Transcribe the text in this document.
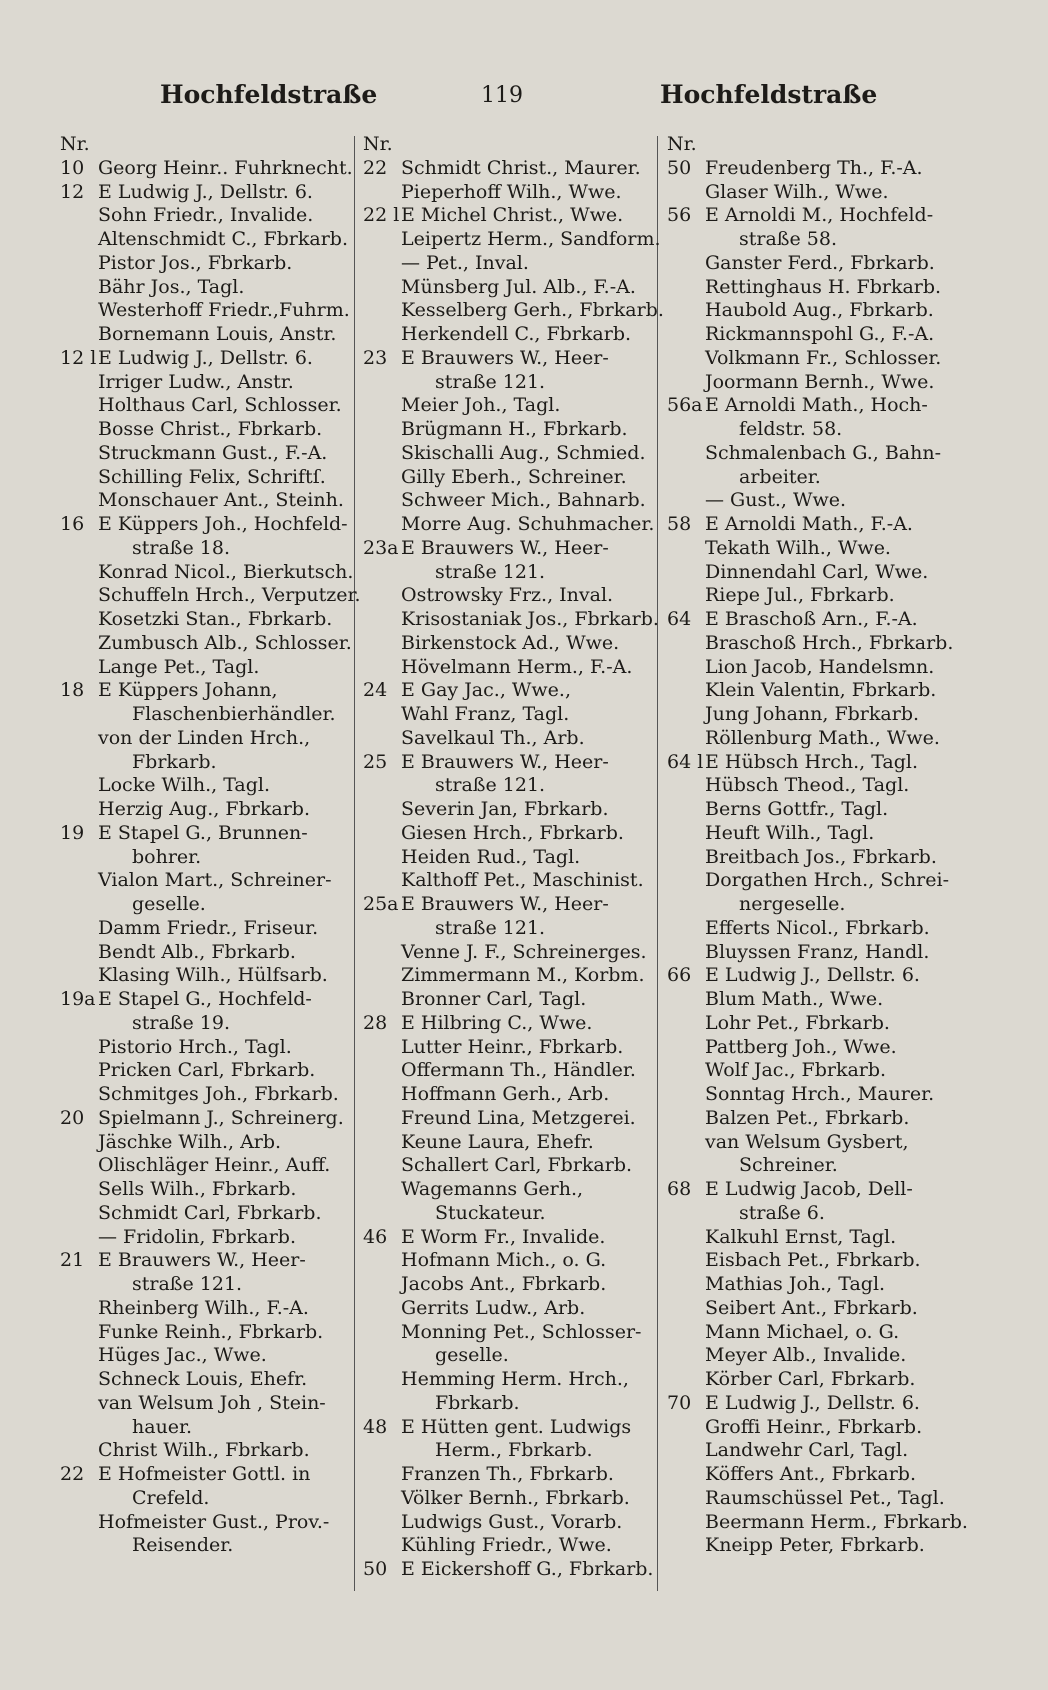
Hochfeldstraße	119	Hochfeldstraße
Nr.
10 Georg Heinr.. Fuhrknecht.
12 E Ludwig J., Dellstr. 6.
Sohn Friedr., Invalide.
Altenschmidt C., Fbrkarb.
Pistor Jos., Fbrkarb.
Bähr Jos., Tagl.
Westerhoff Friedr.,Fuhrm.
Bornemann Louis, Anstr.
12 lE Ludwig J., Dellstr. 6.
Irriger Ludw., Anstr.
Holthaus Carl, Schlosser.
Bosse Christ., Fbrkarb.
Struckmann Gust., F.-A.
Schilling Felix, Schriftſ.
Monschauer Ant., Steinh.
16 E Küppers Joh., Hochfeld-
straße 18.
Konrad Nicol., Bierkutsch.
Schuffeln Hrch., Verputzer.
Kosetzki Stan., Fbrkarb.
Zumbusch Alb., Schlosser.
Lange Pet., Tagl.
18 E Küppers Johann,
Flaschenbierhändler.
von der Linden Hrch.,
Fbrkarb.
Locke Wilh., Tagl.
Herzig Aug., Fbrkarb.
19 E Stapel G., Brunnen-
bohrer.
Vialon Mart., Schreiner-
geselle.
Damm Friedr., Friseur.
Bendt Alb., Fbrkarb.
Klasing Wilh., Hülfsarb.
19a E Stapel G., Hochfeld-
straße 19.
Pistorio Hrch., Tagl.
Pricken Carl, Fbrkarb.
Schmitges Joh., Fbrkarb.
20 Spielmann J., Schreinerg.
Jäschke Wilh., Arb.
Olischläger Heinr., Auff.
Sells Wilh., Fbrkarb.
Schmidt Carl, Fbrkarb.
— Fridolin, Fbrkarb.
21 E Brauwers W., Heer-
straße 121.
Rheinberg Wilh., F.-A.
Funke Reinh., Fbrkarb.
Hüges Jac., Wwe.
Schneck Louis, Ehefr.
van Welsum Joh , Stein-
hauer.
Christ Wilh., Fbrkarb.
22 E Hofmeister Gottl. in
Crefeld.
Hofmeister Gust., Prov.-
Reisender.
Nr.
22 Schmidt Christ., Maurer.
Pieperhoff Wilh., Wwe.
22 lE Michel Christ., Wwe.
Leipertz Herm., Sandform.
— Pet., Inval.
Münsberg Jul. Alb., F.-A.
Kesselberg Gerh., Fbrkarb.
Herkendell C., Fbrkarb.
23 E Brauwers W., Heer-
straße 121.
Meier Joh., Tagl.
Brügmann H., Fbrkarb.
Skischalli Aug., Schmied.
Gilly Eberh., Schreiner.
Schweer Mich., Bahnarb.
Morre Aug. Schuhmacher.
23a E Brauwers W., Heer-
straße 121.
Ostrowsky Frz., Inval.
Krisostaniak Jos., Fbrkarb.
Birkenstock Ad., Wwe.
Hövelmann Herm., F.-A.
24 E Gay Jac., Wwe.,
Wahl Franz, Tagl.
Savelkaul Th., Arb.
25 E Brauwers W., Heer-
straße 121.
Severin Jan, Fbrkarb.
Giesen Hrch., Fbrkarb.
Heiden Rud., Tagl.
Kalthoff Pet., Maschinist.
25a E Brauwers W., Heer-
straße 121.
Venne J. F., Schreinerges.
Zimmermann M., Korbm.
Bronner Carl, Tagl.
28 E Hilbring C., Wwe.
Lutter Heinr., Fbrkarb.
Offermann Th., Händler.
Hoffmann Gerh., Arb.
Freund Lina, Metzgerei.
Keune Laura, Ehefr.
Schallert Carl, Fbrkarb.
Wagemanns Gerh.,
Stuckateur.
46 E Worm Fr., Invalide.
Hofmann Mich., o. G.
Jacobs Ant., Fbrkarb.
Gerrits Ludw., Arb.
Monning Pet., Schlosser-
geselle.
Hemming Herm. Hrch.,
Fbrkarb.
48 E Hütten gent. Ludwigs
Herm., Fbrkarb.
Franzen Th., Fbrkarb.
Völker Bernh., Fbrkarb.
Ludwigs Gust., Vorarb.
Kühling Friedr., Wwe.
50 E Eickershoff G., Fbrkarb.
Nr.
50 Freudenberg Th., F.-A.
Glaser Wilh., Wwe.
56 E Arnoldi M., Hochfeld-
straße 58.
Ganster Ferd., Fbrkarb.
Rettinghaus H. Fbrkarb.
Haubold Aug., Fbrkarb.
Rickmannspohl G., F.-A.
Volkmann Fr., Schlosser.
Joormann Bernh., Wwe.
56a E Arnoldi Math., Hoch-
feldstr. 58.
Schmalenbach G., Bahn-
arbeiter.
— Gust., Wwe.
58 E Arnoldi Math., F.-A.
Tekath Wilh., Wwe.
Dinnendahl Carl, Wwe.
Riepe Jul., Fbrkarb.
64 E Braschoß Arn., F.-A.
Braschoß Hrch., Fbrkarb.
Lion Jacob, Handelsmn.
Klein Valentin, Fbrkarb.
Jung Johann, Fbrkarb.
Röllenburg Math., Wwe.
64 lE Hübsch Hrch., Tagl.
Hübsch Theod., Tagl.
Berns Gottfr., Tagl.
Heuft Wilh., Tagl.
Breitbach Jos., Fbrkarb.
Dorgathen Hrch., Schrei-
nergeselle.
Efferts Nicol., Fbrkarb.
Bluyssen Franz, Handl.
66 E Ludwig J., Dellstr. 6.
Blum Math., Wwe.
Lohr Pet., Fbrkarb.
Pattberg Joh., Wwe.
Wolf Jac., Fbrkarb.
Sonntag Hrch., Maurer.
Balzen Pet., Fbrkarb.
van Welsum Gysbert,
Schreiner.
68 E Ludwig Jacob, Dell-
straße 6.
Kalkuhl Ernst, Tagl.
Eisbach Pet., Fbrkarb.
Mathias Joh., Tagl.
Seibert Ant., Fbrkarb.
Mann Michael, o. G.
Meyer Alb., Invalide.
Körber Carl, Fbrkarb.
70 E Ludwig J., Dellstr. 6.
Groffi Heinr., Fbrkarb.
Landwehr Carl, Tagl.
Köffers Ant., Fbrkarb.
Raumschüssel Pet., Tagl.
Beermann Herm., Fbrkarb.
Kneipp Peter, Fbrkarb.
